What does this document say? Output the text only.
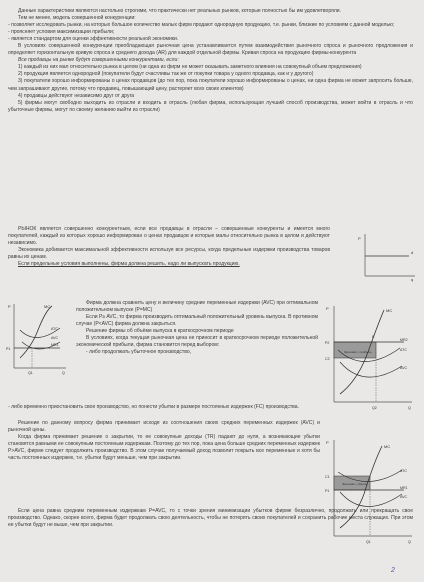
Данные характеристики являются настольно строгими, что практически нет реальных рынков, которые полностью бы им удовлетворяли.

Тем не менее, модель совершенной конкуренции:

- позволяет исследовать рынки, на которых большое количество малых фирм продают однородную продукцию, т.е. рынки, близкие по условиям с данной моделью;

- проясняет условия максимизации прибыли;

- является стандартом для оценки эффективности реальной экономики.

В условиях совершенной конкуренции преобладающая рыночная цена устанавливается путем взаимодействия рыночного спроса и рыночного предложения и определяет горизонтальную кривую спроса и среднего дохода (AR) для каждой отдельной фирмы. Кривая спроса на продукцию фирмы-конкурента

Все продавцы на рынке будут совершенными конкурентами, если:

1) каждый из них мал относительно рынка в целом (ни одна из фирм не может оказывать заметного влияния на совокупный объем предложения)

2) продукция является однородной (покупатели будут счастливы так же от покупки товара у одного продавца, как и у другого)

3) покупатели хорошо информированы о ценах продавцов (до тех пор, пока покупатели хорошо информированы о ценах, ни одна фирма не может запросить больше, чем запрашивают другие, потому что продавец, повышающий цену, растеряет всех своих клиентов)

4) продавцы действуют независимо друг от друга

5) фирмы могут свободно выходить из отрасли и входить в отрасль (любая фирма, использующая лучший способ производства, может войти в отрасль и что убыточные фирмы, могут по своему желанию выйти из отрасли)

РЫНОК является совершенно конкурентным, если все продавцы в отрасли – совершенные конкуренты и имеется много покупателей, каждый из которых хорошо информирован о ценах продавцов и которые малы относительно рынка в целом и действуют независимо.

Экономика добивается максимальной эффективности используя все ресурсы, когда предельные издержки производства товаров равны их ценам.

Если предельные условия выполнены, фирма должна решить, надо ли выпускать продукцию.

P
d
q
P	MC
ATC
AVC
MR1
P1
Q1	Q

Фирма должна сравнить цену и величину средние переменные издержки (AVC) при оптимальном положительном выпуске (P=MC)

Если P≥ AVC, то фирма производить оптимальный положительный уровень выпуска. В противном случае (P<AVC) фирма должна закрыться.

Решение фирмы об объёме выпуска в краткосрочном периоде

В условиях, когда текущая рыночная цена не приносит в краткосрочном периоде положительной экономической прибыли, фирма становится перед выбором:

- либо продолжать убыточное производство,

P	MC
E
ATC
MR2
AVC
P2
C2
Q2	Q
Экономич. прибыль

- либо временно приостановить свое производство, но понести убытки в размере постоянных издержек (FC) производства.

Решение по данному вопросу фирма принимает исходя из соотношения своих средних переменных издержек (AVC) и рыночной цены.

Когда фирма принимает решение о закрытии, то ее совокупные доходы (TR) падают до нуля, а возникающие убытки становятся равными ее совокупным постоянным издержкам. Поэтому до тех пор, пока цена больше средних переменных издержек P>AVC, фирме следует продолжить производство. В этом случае получаемый доход позволит покрыть все переменные и хотя бы часть постоянных издержек, т.е. убытки будут меньше, чем при закрытии.

P
MC
ATC
MR1
AVC
C1
P1
Q1	Q
Экономич. убытки

Если цена равна средним переменным издержкам P=AVC, то с точки зрения минимизации убытков фирме безразлично, продолжать или прекращать свое производство. Однако, скорее всего, фирма будет продолжать свою деятельность, чтобы не потерять своих покупателей и сохранить рабочие места служащих. При этом ее убытки будут не выше, чем при закрытии.

2
